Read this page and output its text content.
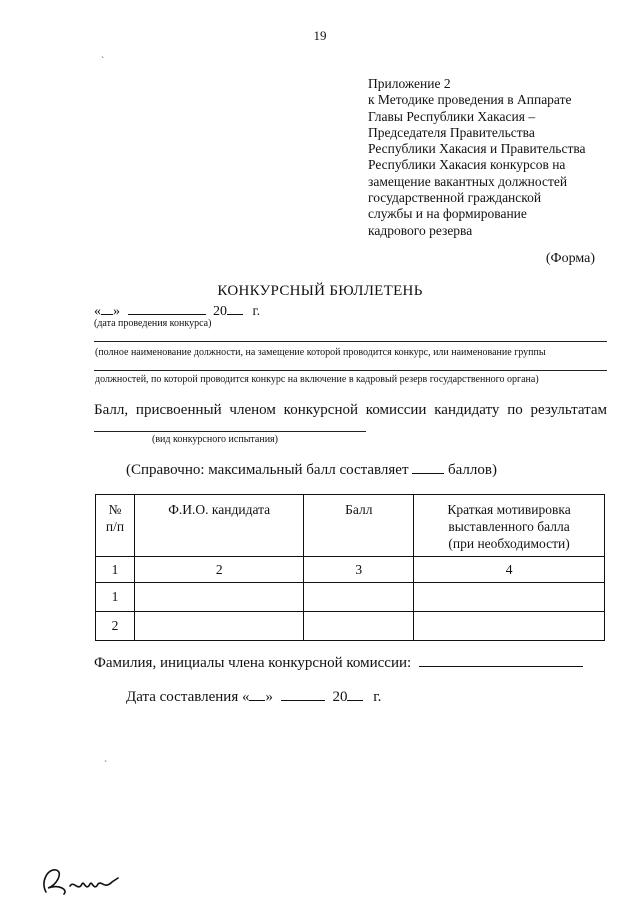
19
ˋ
Приложение 2
к Методике проведения в Аппарате
Главы Республики Хакасия –
Председателя Правительства
Республики Хакасия и Правительства
Республики Хакасия конкурсов на
замещение вакантных должностей
государственной гражданской
службы и на формирование
кадрового резерва
(Форма)
КОНКУРСНЫЙ БЮЛЛЕТЕНЬ
« »	20 г.
(дата проведения конкурса)
(полное наименование должности, на замещение которой проводится конкурс, или наименование группы
должностей, по которой проводится конкурс на включение в кадровый резерв государственного органа)
Балл, присвоенный членом конкурсной комиссии кандидату по результатам
(вид конкурсного испытания)
(Справочно: максимальный балл составляет	баллов)
№ п/п	Ф.И.О. кандидата	Балл	Краткая мотивировка выставленного балла (при необходимости)
1	2	3	4
1			
2			
Фамилия, инициалы члена конкурсной комиссии:
Дата составления « »	20 г.
ˋ
